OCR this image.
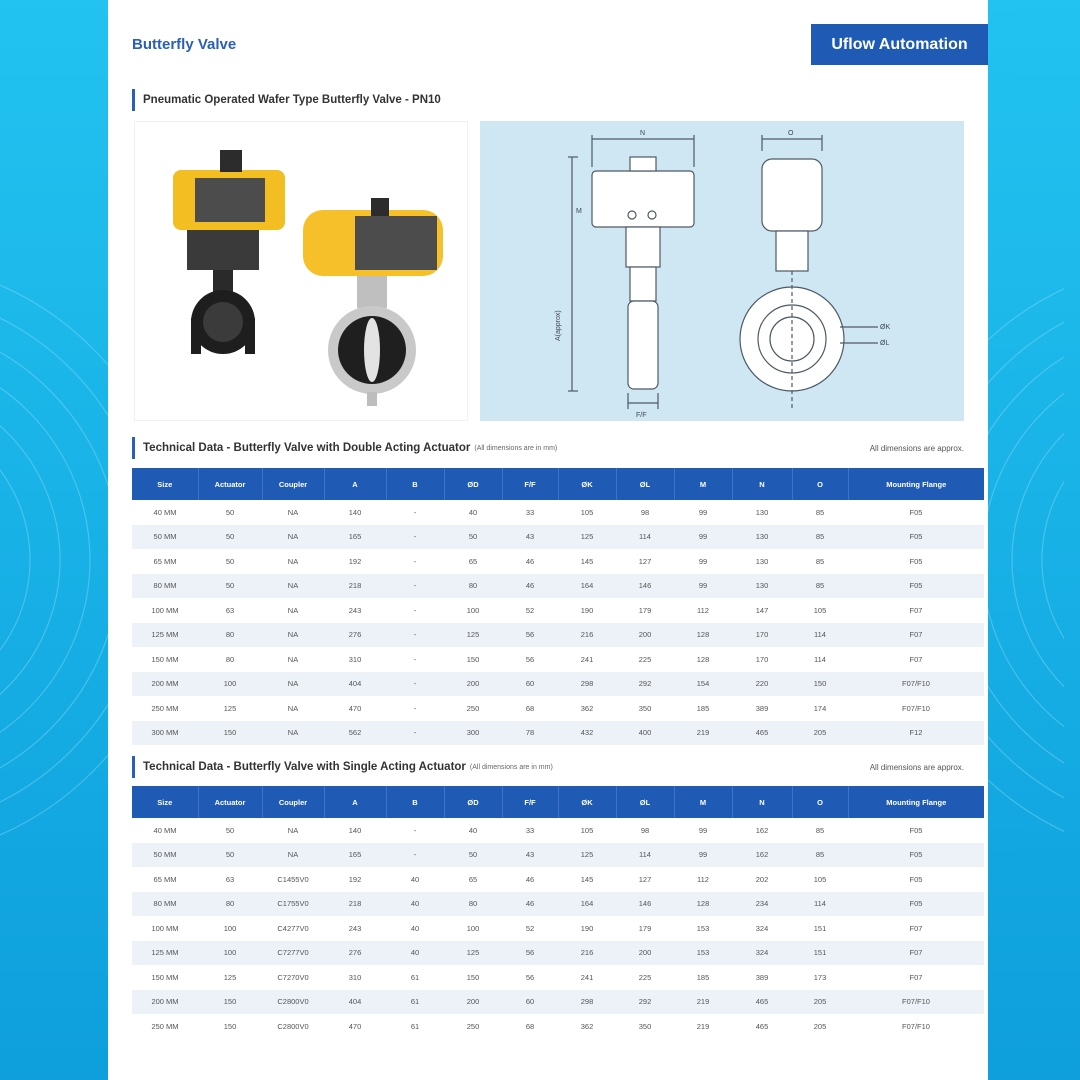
Butterfly Valve	Uflow Automation
Pneumatic Operated Wafer Type Butterfly Valve - PN10
N	O
M
ØL
ØK
F/F
A(approx)
Technical Data - Butterfly Valve with Double Acting Actuator (All dimensions are in mm)	All dimensions are approx.
Size	Actuator	Coupler	A	B	ØD	F/F	ØK	ØL	M	N	O	Mounting Flange
40 MM	50	NA	140	-	40	33	105	98	99	130	85	F05
50 MM	50	NA	165	-	50	43	125	114	99	130	85	F05
65 MM	50	NA	192	-	65	46	145	127	99	130	85	F05
80 MM	50	NA	218	-	80	46	164	146	99	130	85	F05
100 MM	63	NA	243	-	100	52	190	179	112	147	105	F07
125 MM	80	NA	276	-	125	56	216	200	128	170	114	F07
150 MM	80	NA	310	-	150	56	241	225	128	170	114	F07
200 MM	100	NA	404	-	200	60	298	292	154	220	150	F07/F10
250 MM	125	NA	470	-	250	68	362	350	185	389	174	F07/F10
300 MM	150	NA	562	-	300	78	432	400	219	465	205	F12
Technical Data - Butterfly Valve with Single Acting Actuator (All dimensions are in mm)	All dimensions are approx.
Size	Actuator	Coupler	A	B	ØD	F/F	ØK	ØL	M	N	O	Mounting Flange
40 MM	50	NA	140	-	40	33	105	98	99	162	85	F05
50 MM	50	NA	165	-	50	43	125	114	99	162	85	F05
65 MM	63	C1455V0	192	40	65	46	145	127	112	202	105	F05
80 MM	80	C1755V0	218	40	80	46	164	146	128	234	114	F05
100 MM	100	C4277V0	243	40	100	52	190	179	153	324	151	F07
125 MM	100	C7277V0	276	40	125	56	216	200	153	324	151	F07
150 MM	125	C7270V0	310	61	150	56	241	225	185	389	173	F07
200 MM	150	C2800V0	404	61	200	60	298	292	219	465	205	F07/F10
250 MM	150	C2800V0	470	61	250	68	362	350	219	465	205	F07/F10
